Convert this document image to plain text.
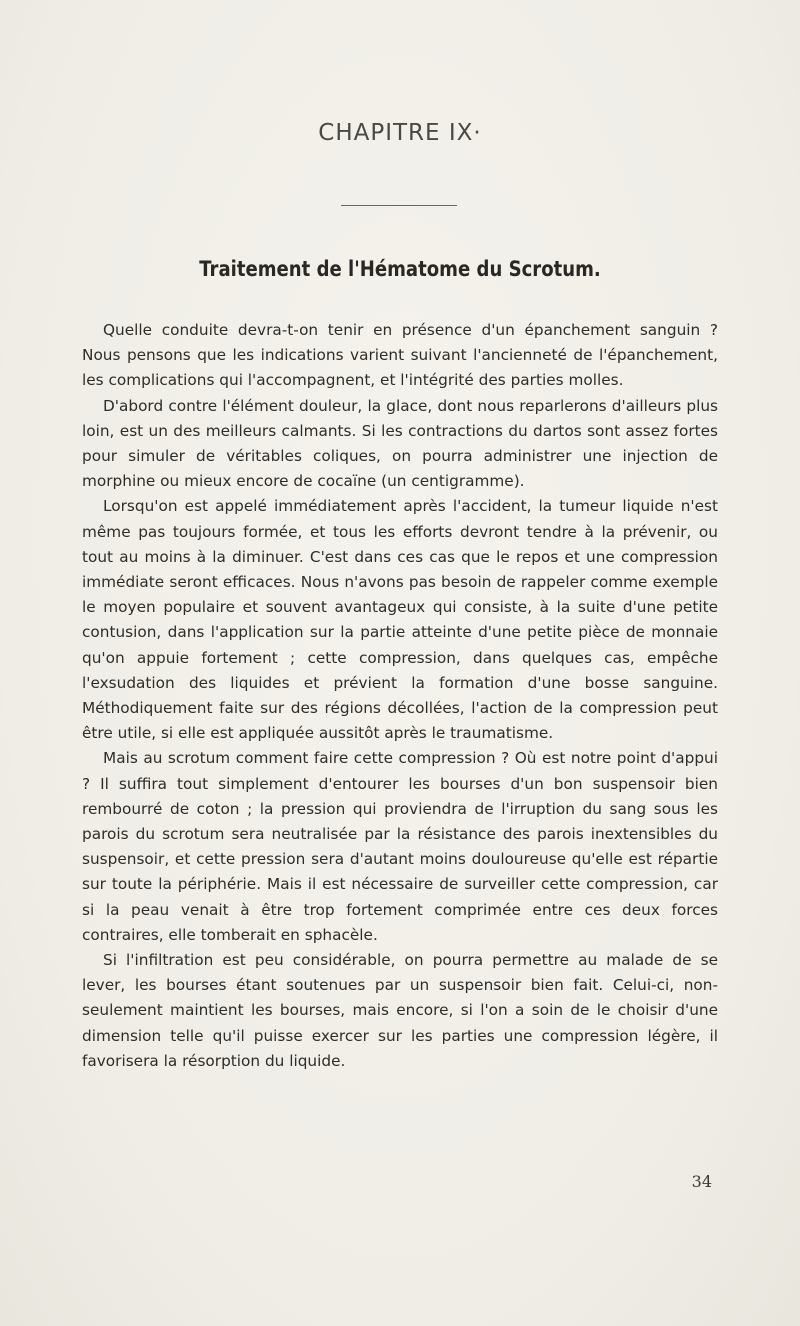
CHAPITRE IX·
Traitement de l'Hématome du Scrotum.

Quelle conduite devra-t-on tenir en présence d'un épanchement sanguin ? Nous pensons que les indications varient suivant l'ancienneté de l'épanchement, les complications qui l'accompagnent, et l'intégrité des parties molles.

D'abord contre l'élément douleur, la glace, dont nous reparlerons d'ailleurs plus loin, est un des meilleurs calmants. Si les contractions du dartos sont assez fortes pour simuler de véritables coliques, on pourra administrer une injection de morphine ou mieux encore de cocaïne (un centigramme).

Lorsqu'on est appelé immédiatement après l'accident, la tumeur liquide n'est même pas toujours formée, et tous les efforts devront tendre à la prévenir, ou tout au moins à la diminuer. C'est dans ces cas que le repos et une compression immédiate seront efficaces. Nous n'avons pas besoin de rappeler comme exemple le moyen populaire et souvent avantageux qui consiste, à la suite d'une petite contusion, dans l'application sur la partie atteinte d'une petite pièce de monnaie qu'on appuie fortement ; cette compression, dans quelques cas, empêche l'exsudation des liquides et prévient la formation d'une bosse sanguine. Méthodiquement faite sur des régions décollées, l'action de la compression peut être utile, si elle est appliquée aussitôt après le traumatisme.

Mais au scrotum comment faire cette compression ? Où est notre point d'appui ? Il suffira tout simplement d'entourer les bourses d'un bon suspensoir bien rembourré de coton ; la pression qui proviendra de l'irruption du sang sous les parois du scrotum sera neutralisée par la résistance des parois inextensibles du suspensoir, et cette pression sera d'autant moins douloureuse qu'elle est répartie sur toute la périphérie. Mais il est nécessaire de surveiller cette compression, car si la peau venait à être trop fortement comprimée entre ces deux forces contraires, elle tomberait en sphacèle.

Si l'infiltration est peu considérable, on pourra permettre au malade de se lever, les bourses étant soutenues par un suspensoir bien fait. Celui-ci, non-seulement maintient les bourses, mais encore, si l'on a soin de le choisir d'une dimension telle qu'il puisse exercer sur les parties une compression légère, il favorisera la résorption du liquide.

34
